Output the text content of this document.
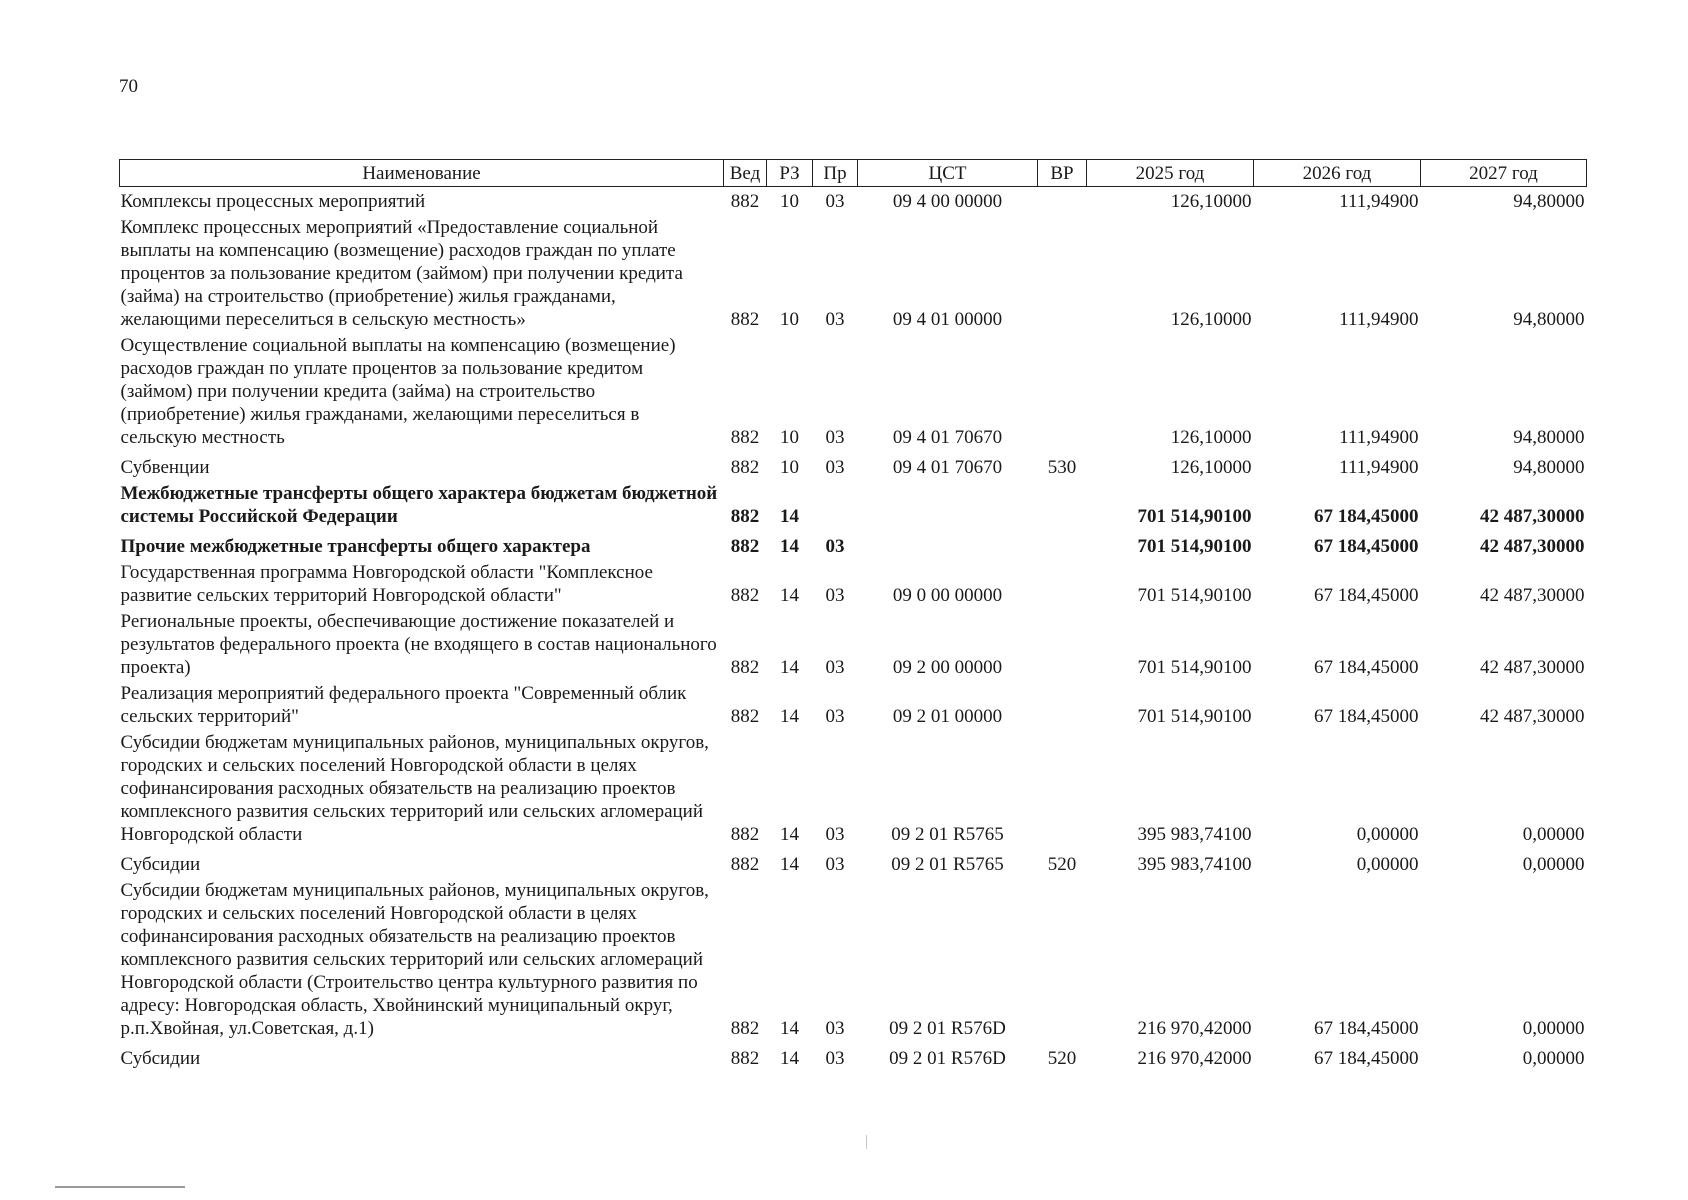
70
Наименование	Вед	РЗ	Пр	ЦСТ	ВР	2025 год	2026 год	2027 год
Комплексы процессных мероприятий	882	10	03	09 4 00 00000		126,10000	111,94900	94,80000
Комплекс процессных мероприятий «Предоставление социальной выплаты на компенсацию (возмещение) расходов граждан по уплате процентов за пользование кредитом (займом) при получении кредита (займа) на строительство (приобретение) жилья гражданами, желающими переселиться в сельскую местность»	882	10	03	09 4 01 00000		126,10000	111,94900	94,80000
Осуществление социальной выплаты на компенсацию (возмещение) расходов граждан по уплате процентов за пользование кредитом (займом) при получении кредита (займа) на строительство (приобретение) жилья гражданами, желающими переселиться в сельскую местность	882	10	03	09 4 01 70670		126,10000	111,94900	94,80000
Субвенции	882	10	03	09 4 01 70670	530	126,10000	111,94900	94,80000
Межбюджетные трансферты общего характера бюджетам бюджетной системы Российской Федерации	882	14				701 514,90100	67 184,45000	42 487,30000
Прочие межбюджетные трансферты общего характера	882	14	03			701 514,90100	67 184,45000	42 487,30000
Государственная программа Новгородской области "Комплексное развитие сельских территорий Новгородской области"	882	14	03	09 0 00 00000		701 514,90100	67 184,45000	42 487,30000
Региональные проекты, обеспечивающие достижение показателей и результатов федерального проекта (не входящего в состав национального проекта)	882	14	03	09 2 00 00000		701 514,90100	67 184,45000	42 487,30000
Реализация мероприятий федерального проекта "Современный облик сельских территорий"	882	14	03	09 2 01 00000		701 514,90100	67 184,45000	42 487,30000
Субсидии бюджетам муниципальных районов, муниципальных округов, городских и сельских поселений Новгородской области в целях софинансирования расходных обязательств на реализацию проектов комплексного развития сельских территорий или сельских агломераций Новгородской области	882	14	03	09 2 01 R5765		395 983,74100	0,00000	0,00000
Субсидии	882	14	03	09 2 01 R5765	520	395 983,74100	0,00000	0,00000
Субсидии бюджетам муниципальных районов, муниципальных округов, городских и сельских поселений Новгородской области в целях софинансирования расходных обязательств на реализацию проектов комплексного развития сельских территорий или сельских агломераций Новгородской области (Строительство центра культурного развития по адресу: Новгородская область, Хвойнинский муниципальный округ, р.п.Хвойная, ул.Советская, д.1)	882	14	03	09 2 01 R576D		216 970,42000	67 184,45000	0,00000
Субсидии	882	14	03	09 2 01 R576D	520	216 970,42000	67 184,45000	0,00000
